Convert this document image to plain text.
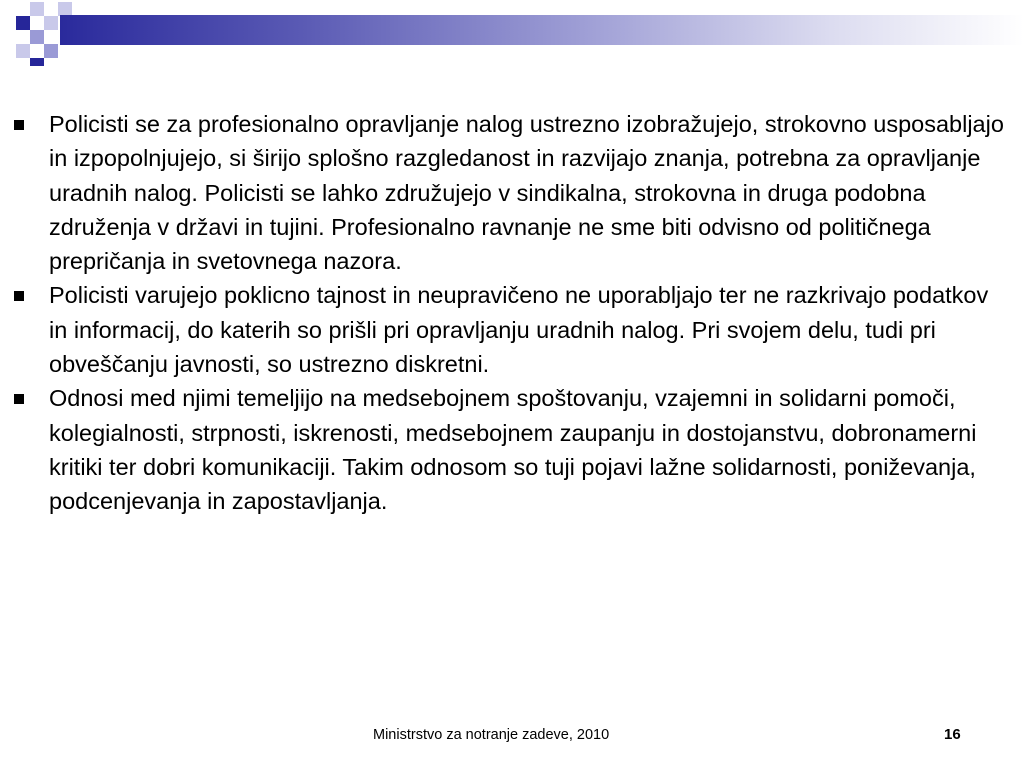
Policisti se za profesionalno opravljanje nalog ustrezno izobražujejo, strokovno usposabljajo in izpopolnjujejo, si širijo splošno razgledanost in razvijajo znanja, potrebna za opravljanje uradnih nalog. Policisti se lahko združujejo v sindikalna, strokovna in druga podobna združenja v državi in tujini. Profesionalno ravnanje ne sme biti odvisno od političnega prepričanja in svetovnega nazora.
Policisti varujejo poklicno tajnost in neupravičeno ne uporabljajo ter ne razkrivajo podatkov in informacij, do katerih so prišli pri opravljanju uradnih nalog. Pri svojem delu, tudi pri obveščanju javnosti, so ustrezno diskretni.
Odnosi med njimi temeljijo na medsebojnem spoštovanju, vzajemni in solidarni pomoči, kolegialnosti, strpnosti, iskrenosti, medsebojnem zaupanju in dostojanstvu, dobronamerni kritiki ter dobri komunikaciji. Takim odnosom so tuji pojavi lažne solidarnosti, poniževanja, podcenjevanja in zapostavljanja.
Ministrstvo za notranje zadeve, 2010	16
